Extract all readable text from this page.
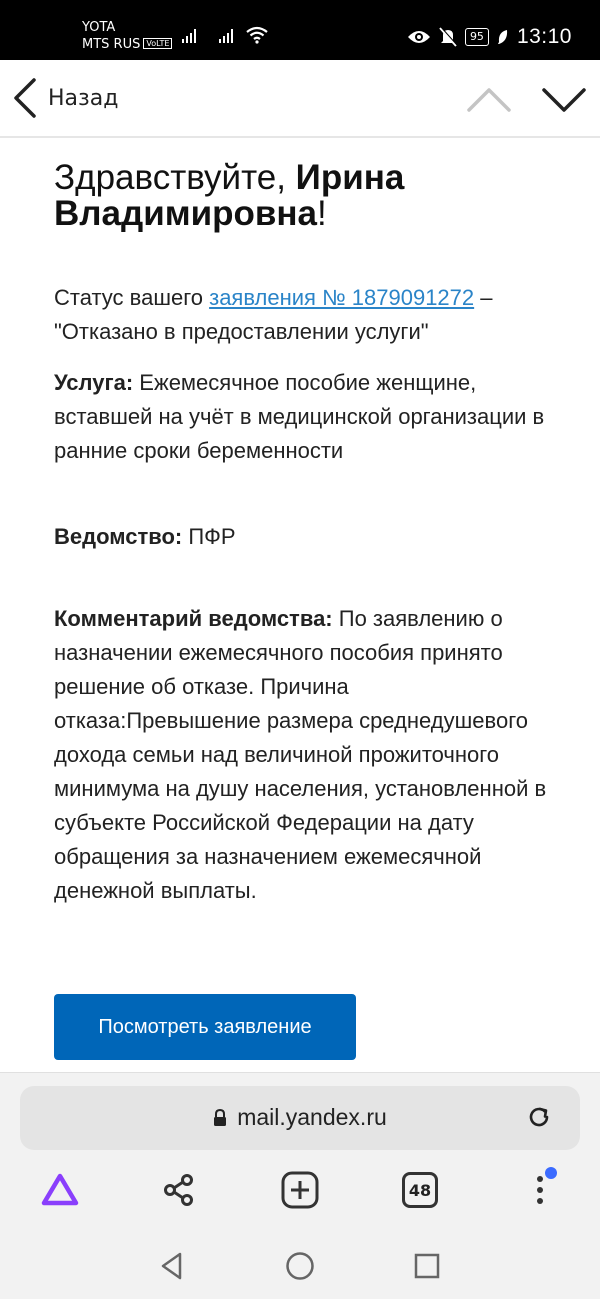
YOTA
MTS RUS VoLTE
95 13:10
Назад
Здравствуйте, Ирина Владимировна!

Статус вашего заявления № 1879091272 – "Отказано в предоставлении услуги"

Услуга: Ежемесячное пособие женщине, вставшей на учёт в медицинской организации в ранние сроки беременности

Ведомство: ПФР

Комментарий ведомства: По заявлению о назначении ежемесячного пособия принято решение об отказе. Причина отказа:Превышение размера среднедушевого дохода семьи над величиной прожиточного минимума на душу населения, установленной в субъекте Российской Федерации на дату обращения за назначением ежемесячной денежной выплаты.

Посмотреть заявление
mail.yandex.ru
48
